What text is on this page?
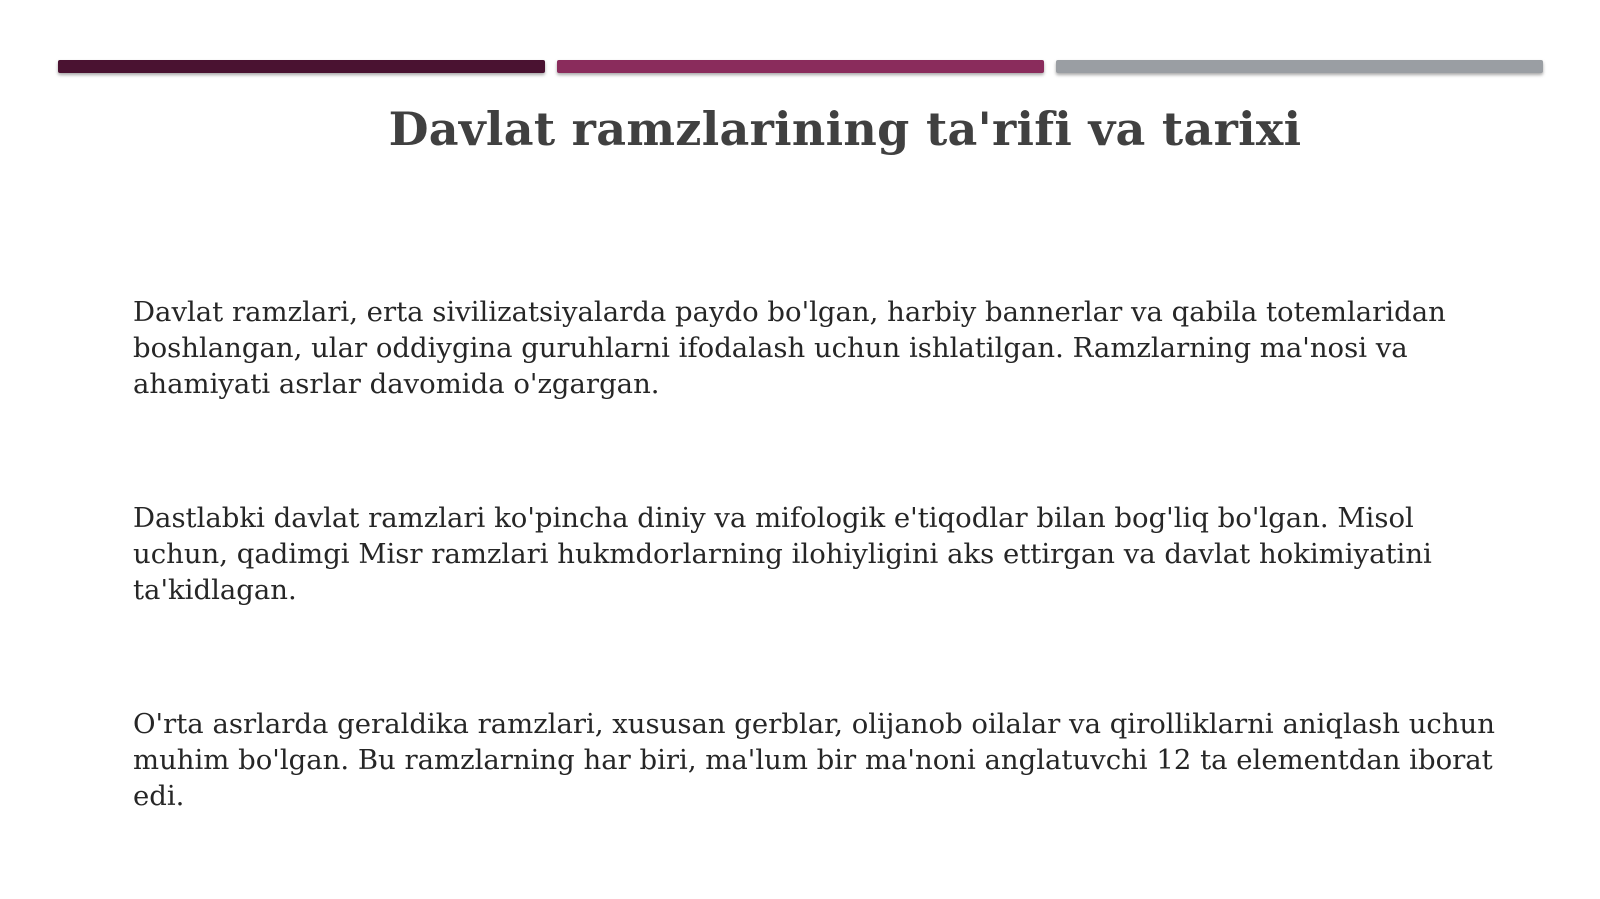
Davlat ramzlarining ta'rifi va tarixi

Davlat ramzlari, erta sivilizatsiyalarda paydo bo'lgan, harbiy bannerlar va qabila totemlaridan boshlangan, ular oddiygina guruhlarni ifodalash uchun ishlatilgan. Ramzlarning ma'nosi va ahamiyati asrlar davomida o'zgargan.

Dastlabki davlat ramzlari ko'pincha diniy va mifologik e'tiqodlar bilan bog'liq bo'lgan. Misol uchun, qadimgi Misr ramzlari hukmdorlarning ilohiyligini aks ettirgan va davlat hokimiyatini ta'kidlagan.

O'rta asrlarda geraldika ramzlari, xususan gerblar, olijanob oilalar va qirolliklarni aniqlash uchun muhim bo'lgan. Bu ramzlarning har biri, ma'lum bir ma'noni anglatuvchi 12 ta elementdan iborat edi.
